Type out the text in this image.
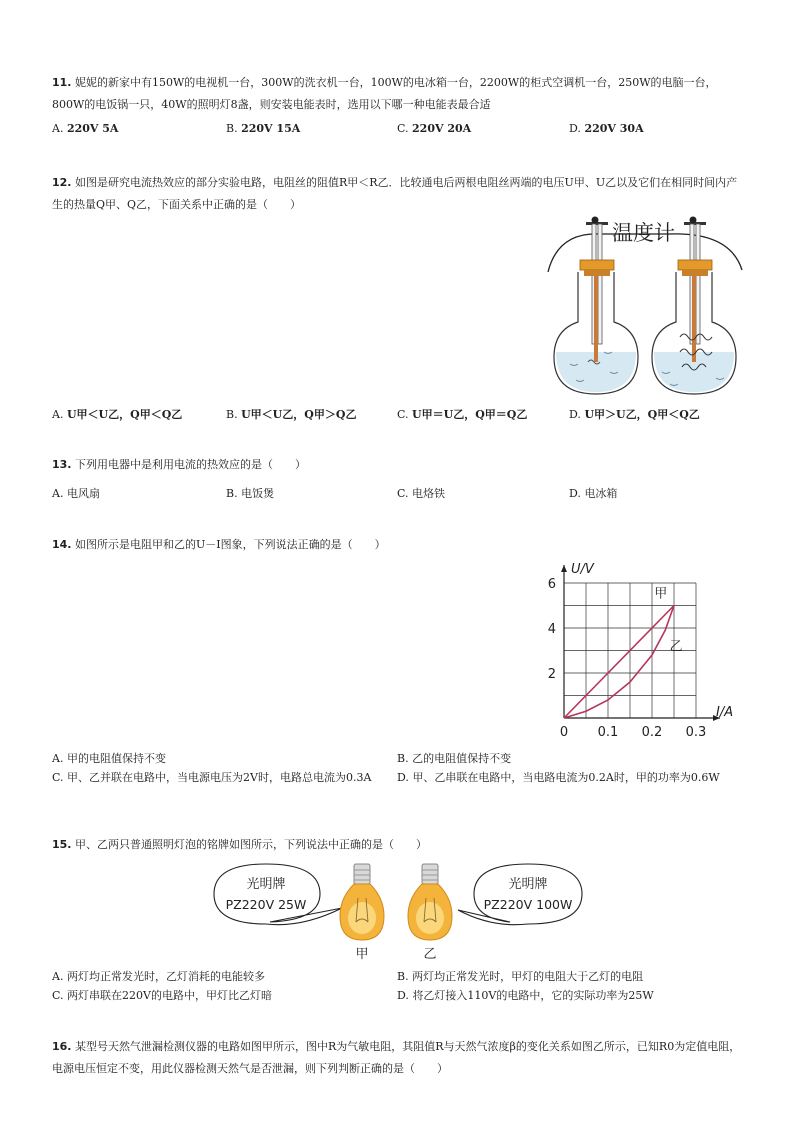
11. 妮妮的新家中有150W的电视机一台，300W的洗衣机一台，100W的电冰箱一台，2200W的柜式空调机一台，250W的电脑一台，800W的电饭锅一只，40W的照明灯8盏，则安装电能表时，选用以下哪一种电能表最合适
A. 220V 5A	B. 220V 15A	C. 220V 20A	D. 220V 30A
12. 如图是研究电流热效应的部分实验电路，电阻丝的阻值R甲＜R乙．比较通电后两根电阻丝两端的电压U甲、U乙以及它们在相同时间内产生的热量Q甲、Q乙，下面关系中正确的是（　　）
温度计
A. U甲＜U乙，Q甲＜Q乙	B. U甲＜U乙，Q甲＞Q乙	C. U甲＝U乙，Q甲＝Q乙	D. U甲＞U乙，Q甲＜Q乙
13. 下列用电器中是利用电流的热效应的是（　　）
A. 电风扇	B. 电饭煲	C. 电烙铁	D. 电冰箱
14. 如图所示是电阻甲和乙的U－I图象，下列说法正确的是（　　）
0 0.1 0.2 0.3
2
4
6
I/A
U/V
甲
乙
A. 甲的电阻值保持不变	B. 乙的电阻值保持不变
C. 甲、乙并联在电路中，当电源电压为2V时，电路总电流为0.3A	D. 甲、乙串联在电路中，当电路电流为0.2A时，甲的功率为0.6W
15. 甲、乙两只普通照明灯泡的铭牌如图所示，下列说法中正确的是（　　）
光明牌
PZ220V 25W
甲	乙
光明牌
PZ220V 100W
A. 两灯均正常发光时，乙灯消耗的电能较多	B. 两灯均正常发光时，甲灯的电阻大于乙灯的电阻
C. 两灯串联在220V的电路中，甲灯比乙灯暗	D. 将乙灯接入110V的电路中，它的实际功率为25W
16. 某型号天然气泄漏检测仪器的电路如图甲所示，图中R为气敏电阻，其阻值R与天然气浓度β的变化关系如图乙所示，已知R0为定值电阻，电源电压恒定不变，用此仪器检测天然气是否泄漏，则下列判断正确的是（　　）
